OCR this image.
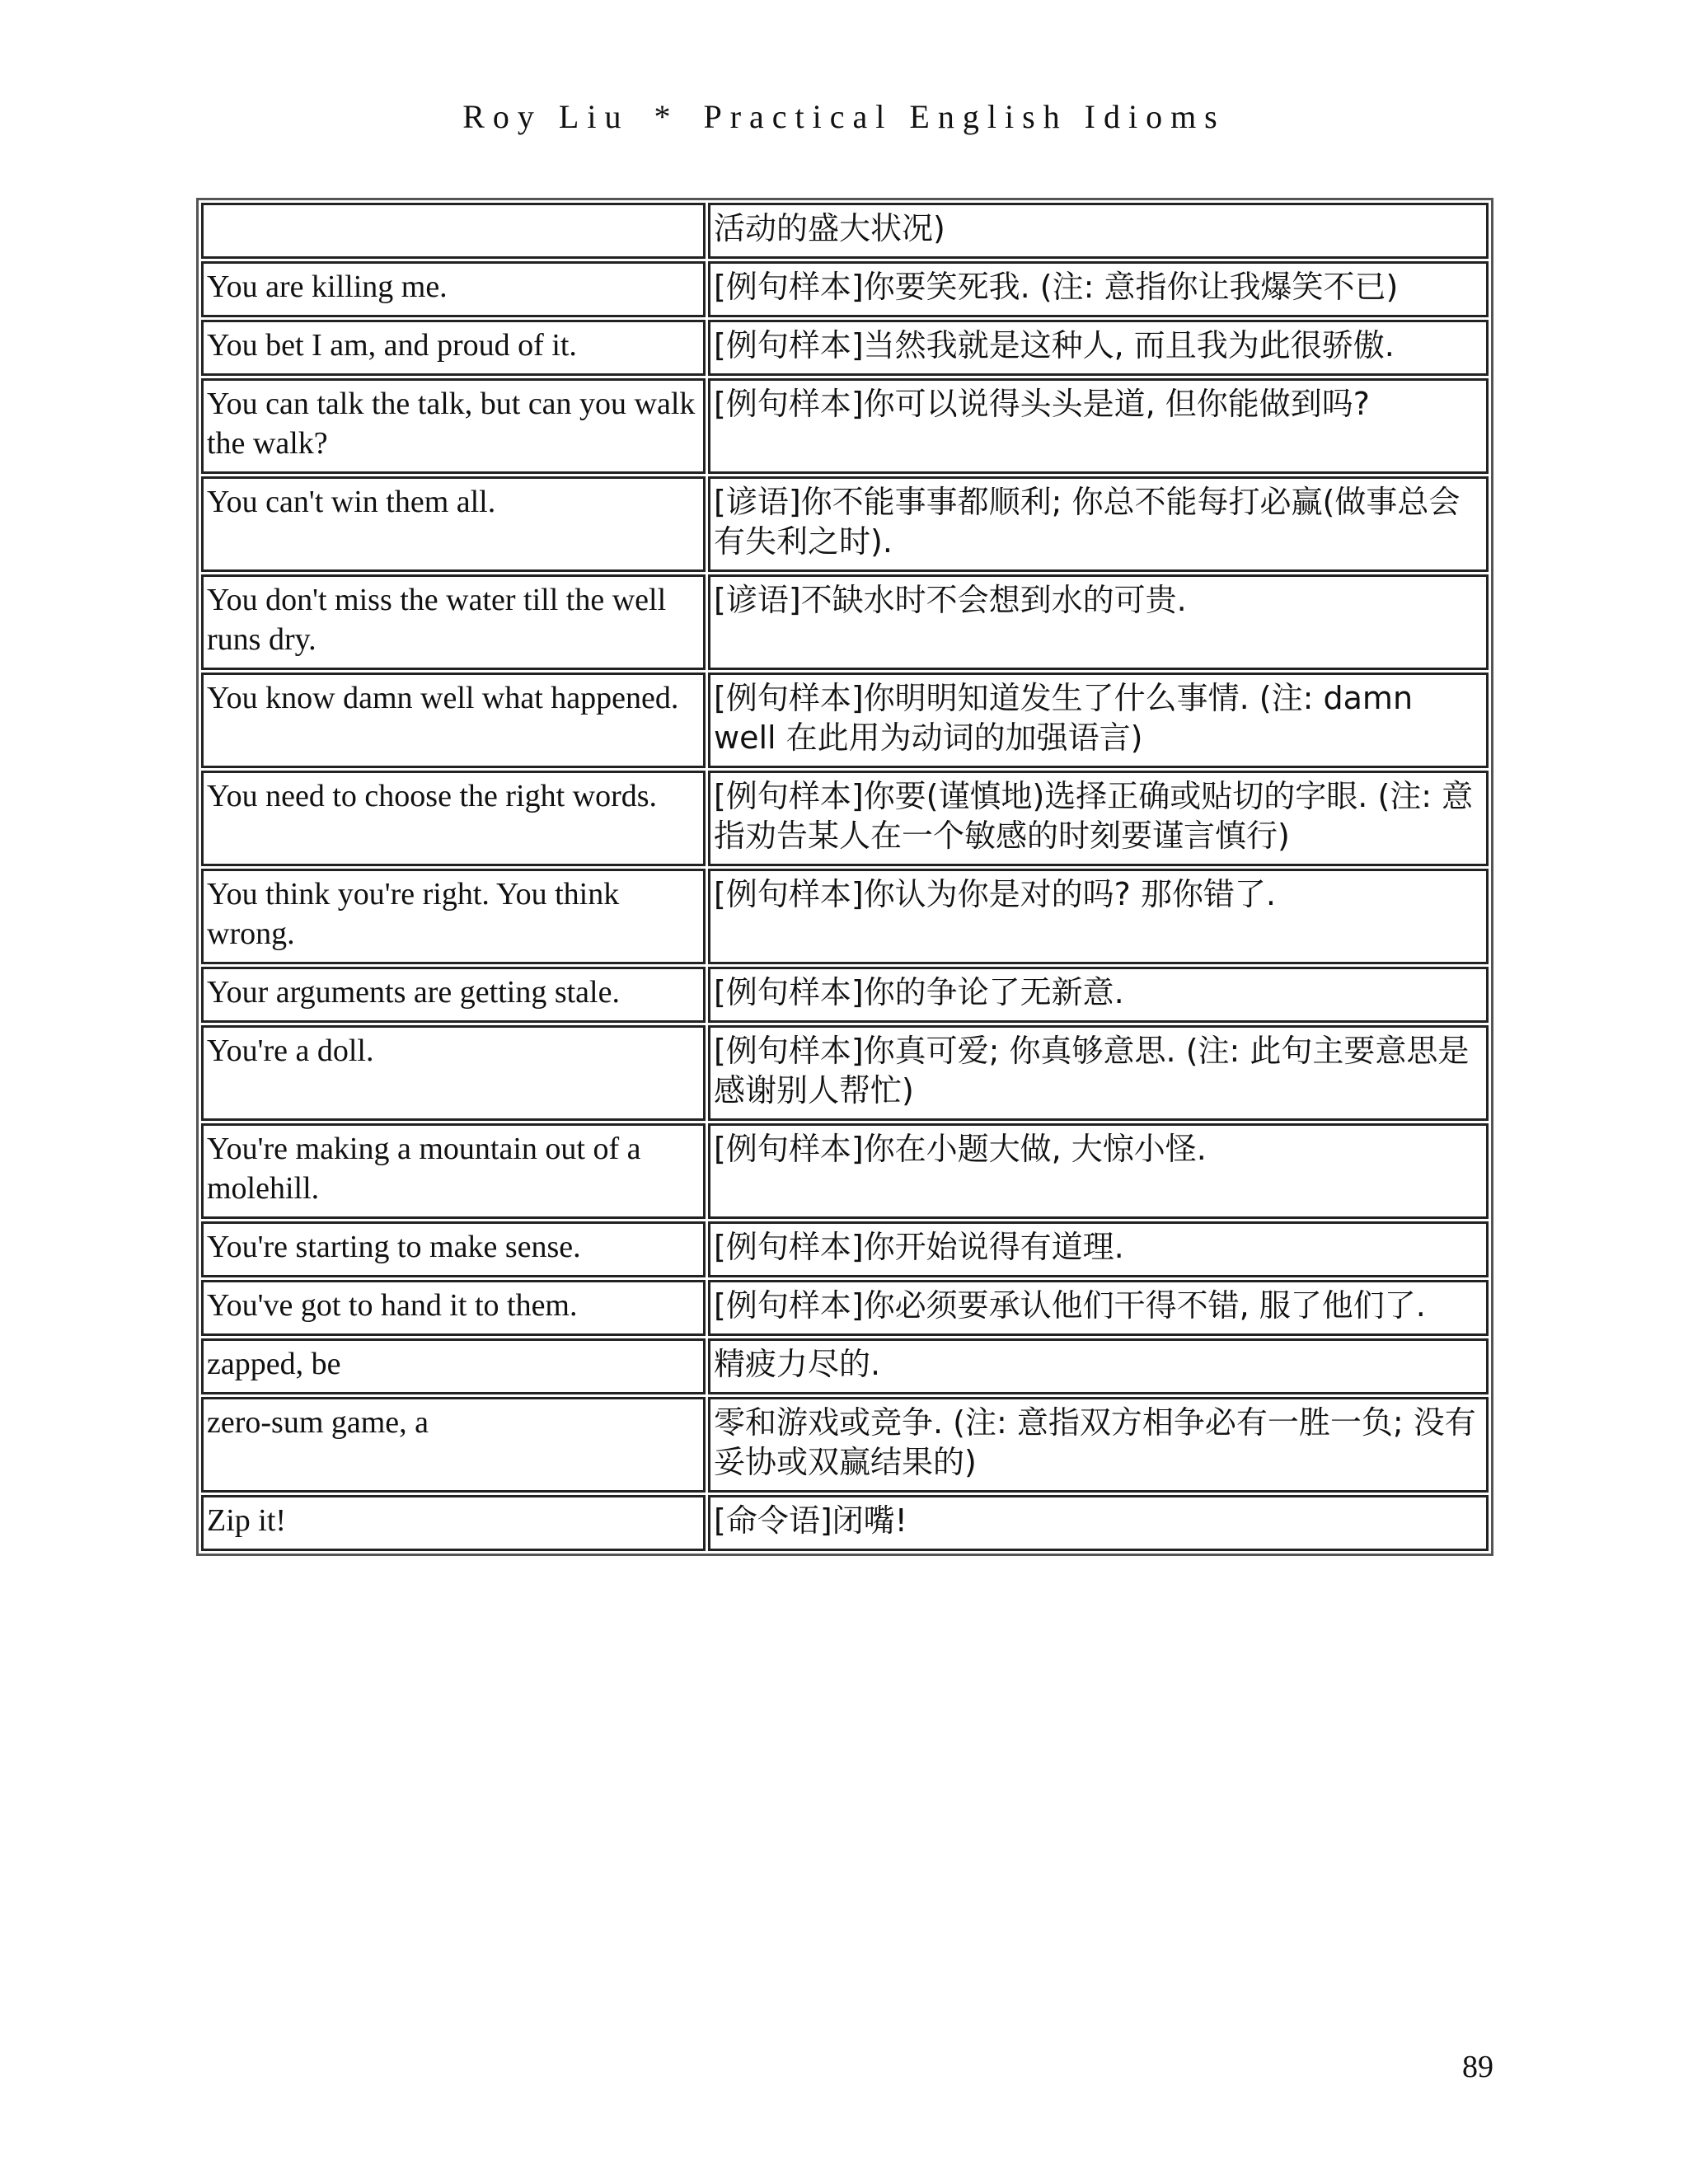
Roy Liu * Practical English Idioms
	活动的盛大状况)
You are killing me.	[例句样本]你要笑死我. (注: 意指你让我爆笑不已)
You bet I am, and proud of it.	[例句样本]当然我就是这种人, 而且我为此很骄傲.
You can talk the talk, but can you walk the walk?	[例句样本]你可以说得头头是道, 但你能做到吗?
You can't win them all.	[谚语]你不能事事都顺利; 你总不能每打必赢(做事总会有失利之时).
You don't miss the water till the well runs dry.	[谚语]不缺水时不会想到水的可贵.
You know damn well what happened.	[例句样本]你明明知道发生了什么事情. (注: damn well 在此用为动词的加强语言)
You need to choose the right words.	[例句样本]你要(谨慎地)选择正确或贴切的字眼. (注: 意指劝告某人在一个敏感的时刻要谨言慎行)
You think you're right. You think wrong.	[例句样本]你认为你是对的吗? 那你错了.
Your arguments are getting stale.	[例句样本]你的争论了无新意.
You're a doll.	[例句样本]你真可爱; 你真够意思. (注: 此句主要意思是感谢别人帮忙)
You're making a mountain out of a molehill.	[例句样本]你在小题大做, 大惊小怪.
You're starting to make sense.	[例句样本]你开始说得有道理.
You've got to hand it to them.	[例句样本]你必须要承认他们干得不错, 服了他们了.
zapped, be	精疲力尽的.
zero-sum game, a	零和游戏或竞争. (注: 意指双方相争必有一胜一负; 没有妥协或双赢结果的)
Zip it!	[命令语]闭嘴!
89
